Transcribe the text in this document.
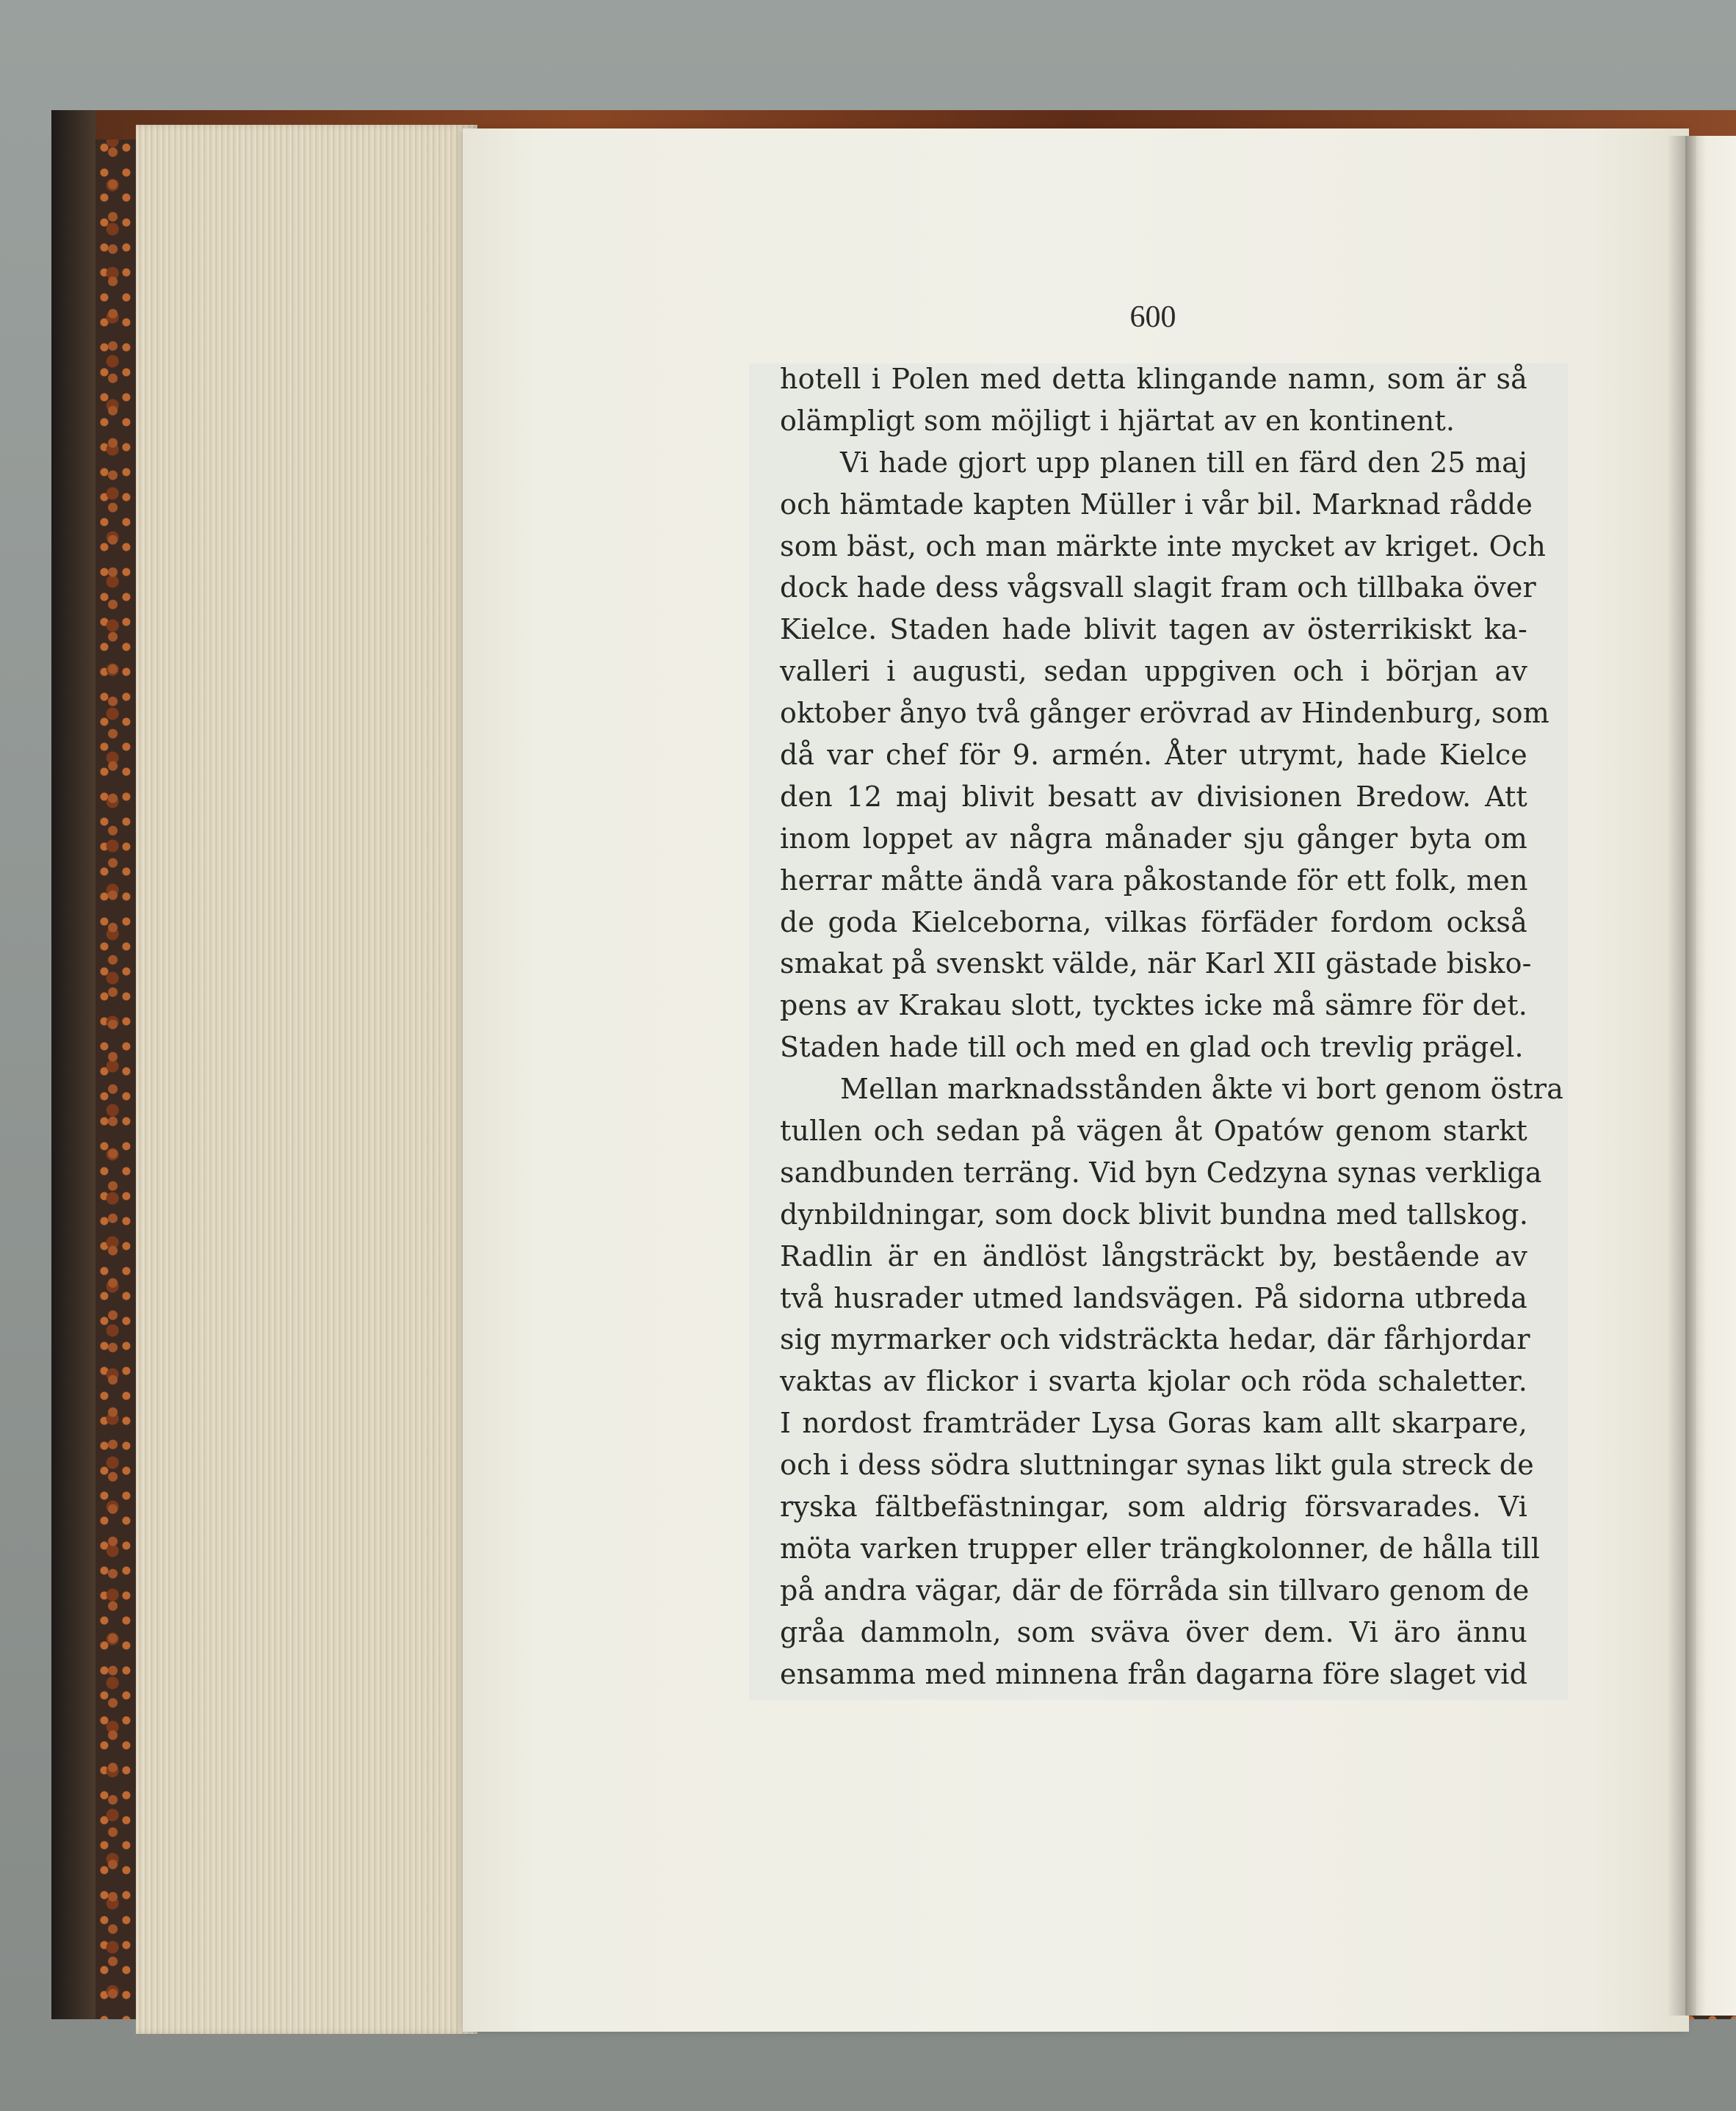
600
hotell i Polen med detta klingande namn, som är så
olämpligt som möjligt i hjärtat av en kontinent.
Vi hade gjort upp planen till en färd den 25 maj
och hämtade kapten Müller i vår bil. Marknad rådde
som bäst, och man märkte inte mycket av kriget. Och
dock hade dess vågsvall slagit fram och tillbaka över
Kielce. Staden hade blivit tagen av österrikiskt ka-
valleri i augusti, sedan uppgiven och i början av
oktober ånyo två gånger erövrad av Hindenburg, som
då var chef för 9. armén. Åter utrymt, hade Kielce
den 12 maj blivit besatt av divisionen Bredow. Att
inom loppet av några månader sju gånger byta om
herrar måtte ändå vara påkostande för ett folk, men
de goda Kielceborna, vilkas förfäder fordom också
smakat på svenskt välde, när Karl XII gästade bisko-
pens av Krakau slott, tycktes icke må sämre för det.
Staden hade till och med en glad och trevlig prägel.
Mellan marknadsstånden åkte vi bort genom östra
tullen och sedan på vägen åt Opatów genom starkt
sandbunden terräng. Vid byn Cedzyna synas verkliga
dynbildningar, som dock blivit bundna med tallskog.
Radlin är en ändlöst långsträckt by, bestående av
två husrader utmed landsvägen. På sidorna utbreda
sig myrmarker och vidsträckta hedar, där fårhjordar
vaktas av flickor i svarta kjolar och röda schaletter.
I nordost framträder Lysa Goras kam allt skarpare,
och i dess södra sluttningar synas likt gula streck de
ryska fältbefästningar, som aldrig försvarades. Vi
möta varken trupper eller trängkolonner, de hålla till
på andra vägar, där de förråda sin tillvaro genom de
gråa dammoln, som sväva över dem. Vi äro ännu
ensamma med minnena från dagarna före slaget vid
